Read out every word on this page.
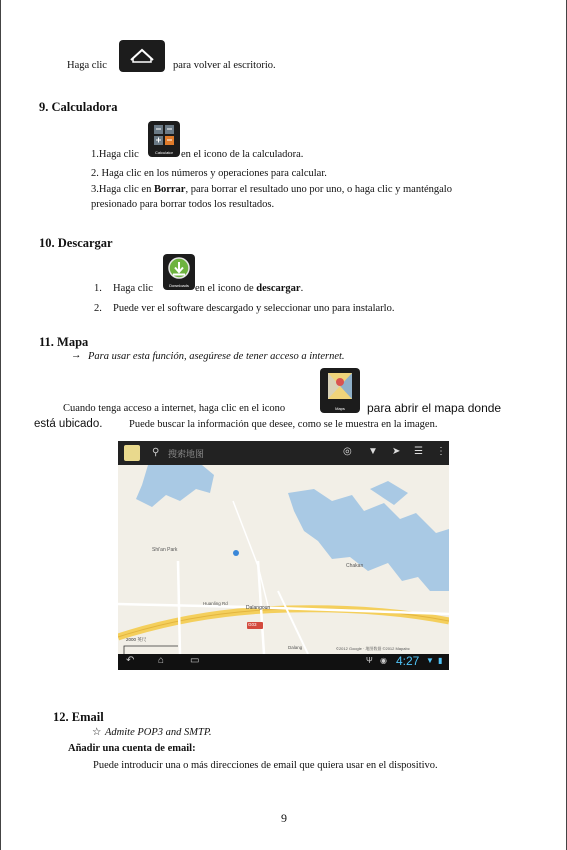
Haga clic	para volver al escritorio.
9. Calculadora
1.Haga clic	Calculator en el icono de la calculadora.
2. Haga clic en los números y operaciones para calcular.
3.Haga clic en Borrar, para borrar el resultado uno por uno, o haga clic y manténgalo
presionado para borrar todos los resultados.
10. Descargar
1. Haga clic	Downloads en el icono de descargar.
2. Puede ver el software descargado y seleccionar uno para instalarlo.
11. Mapa
→ Para usar esta función, asegúrese de tener acceso a internet.
Cuando tenga acceso a internet, haga clic en el icono	Maps	para abrir el mapa donde
está ubicado.	Puede buscar la información que desee, como se le muestra en la imagen.
⚲ 搜索地图	◎ ▼ ➤ ☰ ⋮
Shi'an Park
Chakan
Dalangoun
Huanling Rd
Dalang
G03
2000 英尺
©2012 Google · 地图数据 ©2012 Mapabc
↶ ⌂	▭	Ψ ◉ 4:27 ▼ ▮
12. Email
☆ Admite POP3 and SMTP.
Añadir una cuenta de email:
Puede introducir una o más direcciones de email que quiera usar en el dispositivo.
9
